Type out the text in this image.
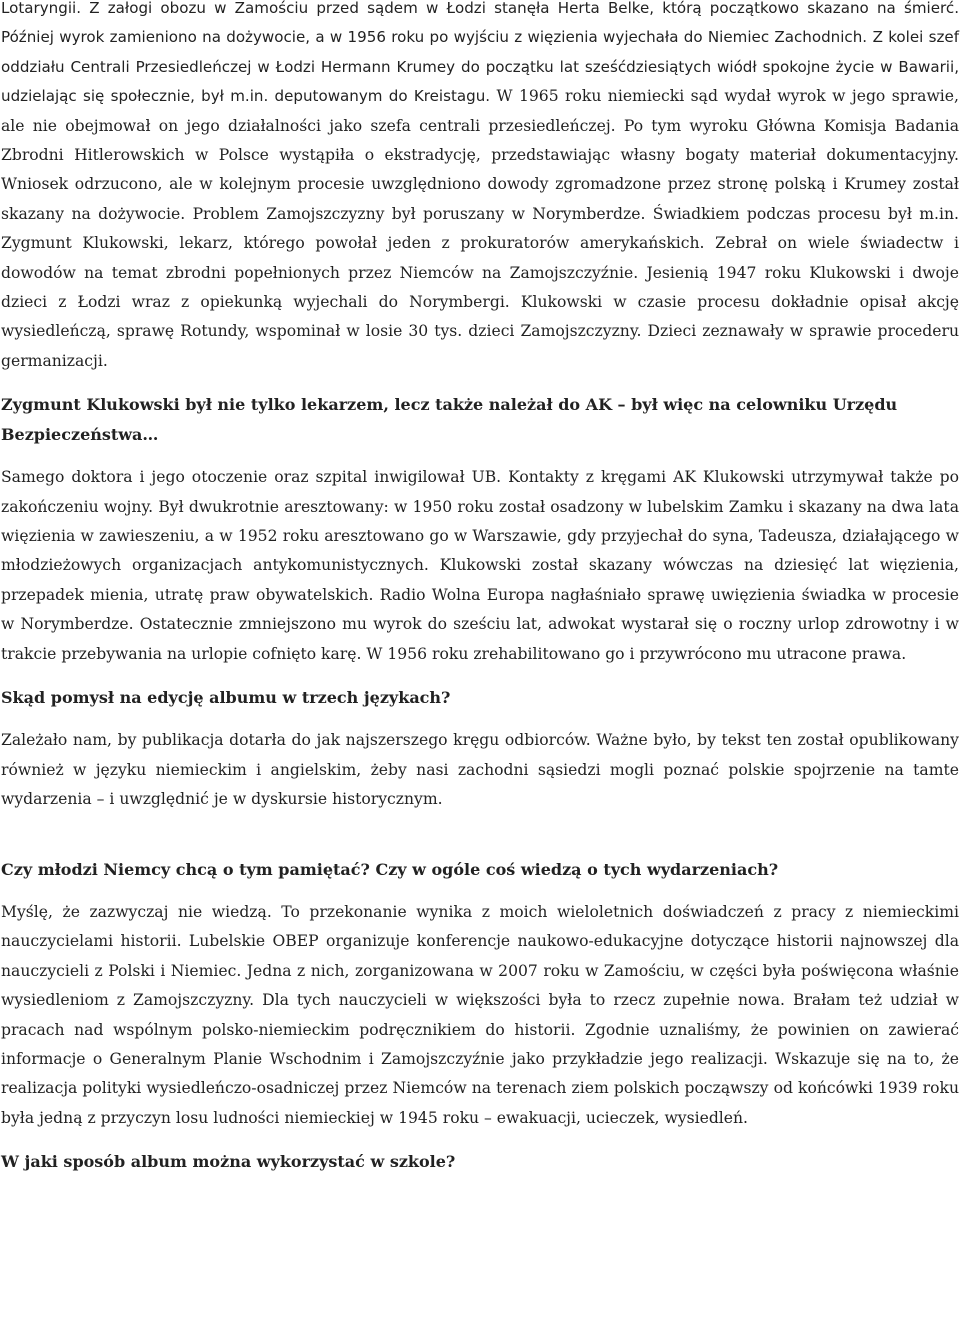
Lotaryngii. Z załogi obozu w Zamościu przed sądem w Łodzi stanęła Herta Belke, którą początkowo skazano na śmierć. Później wyrok zamieniono na dożywocie, a w 1956 roku po wyjściu z więzienia wyjechała do Niemiec Zachodnich. Z kolei szef oddziału Centrali Przesiedleńczej w Łodzi Hermann Krumey do początku lat sześćdziesiątych wiódł spokojne życie w Bawarii, udzielając się społecznie, był m.in. deputowanym do Kreistagu. W 1965 roku niemiecki sąd wydał wyrok w jego sprawie, ale nie obejmował on jego działalności jako szefa centrali przesiedleńczej. Po tym wyroku Główna Komisja Badania Zbrodni Hitlerowskich w Polsce wystąpiła o ekstradycję, przedstawiając własny bogaty materiał dokumentacyjny. Wniosek odrzucono, ale w kolejnym procesie uwzględniono dowody zgromadzone przez stronę polską i Krumey został skazany na dożywocie. Problem Zamojszczyzny był poruszany w Norymberdze. Świadkiem podczas procesu był m.in. Zygmunt Klukowski, lekarz, którego powołał jeden z prokuratorów amerykańskich. Zebrał on wiele świadectw i dowodów na temat zbrodni popełnionych przez Niemców na Zamojszczyźnie. Jesienią 1947 roku Klukowski i dwoje dzieci z Łodzi wraz z opiekunką wyjechali do Norymbergi. Klukowski w czasie procesu dokładnie opisał akcję wysiedleńczą, sprawę Rotundy, wspominał w losie 30 tys. dzieci Zamojszczyzny. Dzieci zeznawały w sprawie procederu germanizacji.

Zygmunt Klukowski był nie tylko lekarzem, lecz także należał do AK – był więc na celowniku Urzędu Bezpieczeństwa…

Samego doktora i jego otoczenie oraz szpital inwigilował UB. Kontakty z kręgami AK Klukowski utrzymywał także po zakończeniu wojny. Był dwukrotnie aresztowany: w 1950 roku został osadzony w lubelskim Zamku i skazany na dwa lata więzienia w zawieszeniu, a w 1952 roku aresztowano go w Warszawie, gdy przyjechał do syna, Tadeusza, działającego w młodzieżowych organizacjach antykomunistycznych. Klukowski został skazany wówczas na dziesięć lat więzienia, przepadek mienia, utratę praw obywatelskich. Radio Wolna Europa nagłaśniało sprawę uwięzienia świadka w procesie w Norymberdze. Ostatecznie zmniejszono mu wyrok do sześciu lat, adwokat wystarał się o roczny urlop zdrowotny i w trakcie przebywania na urlopie cofnięto karę. W 1956 roku zrehabilitowano go i przywrócono mu utracone prawa.

Skąd pomysł na edycję albumu w trzech językach?

Zależało nam, by publikacja dotarła do jak najszerszego kręgu odbiorców. Ważne było, by tekst ten został opublikowany również w języku niemieckim i angielskim, żeby nasi zachodni sąsiedzi mogli poznać polskie spojrzenie na tamte wydarzenia – i uwzględnić je w dyskursie historycznym.

Czy młodzi Niemcy chcą o tym pamiętać? Czy w ogóle coś wiedzą o tych wydarzeniach?

Myślę, że zazwyczaj nie wiedzą. To przekonanie wynika z moich wieloletnich doświadczeń z pracy z niemieckimi nauczycielami historii. Lubelskie OBEP organizuje konferencje naukowo-edukacyjne dotyczące historii najnowszej dla nauczycieli z Polski i Niemiec. Jedna z nich, zorganizowana w 2007 roku w Zamościu, w części była poświęcona właśnie wysiedleniom z Zamojszczyzny. Dla tych nauczycieli w większości była to rzecz zupełnie nowa. Brałam też udział w pracach nad wspólnym polsko-niemieckim podręcznikiem do historii. Zgodnie uznaliśmy, że powinien on zawierać informacje o Generalnym Planie Wschodnim i Zamojszczyźnie jako przykładzie jego realizacji. Wskazuje się na to, że realizacja polityki wysiedleńczo-osadniczej przez Niemców na terenach ziem polskich począwszy od końcówki 1939 roku była jedną z przyczyn losu ludności niemieckiej w 1945 roku – ewakuacji, ucieczek, wysiedleń.

W jaki sposób album można wykorzystać w szkole?
